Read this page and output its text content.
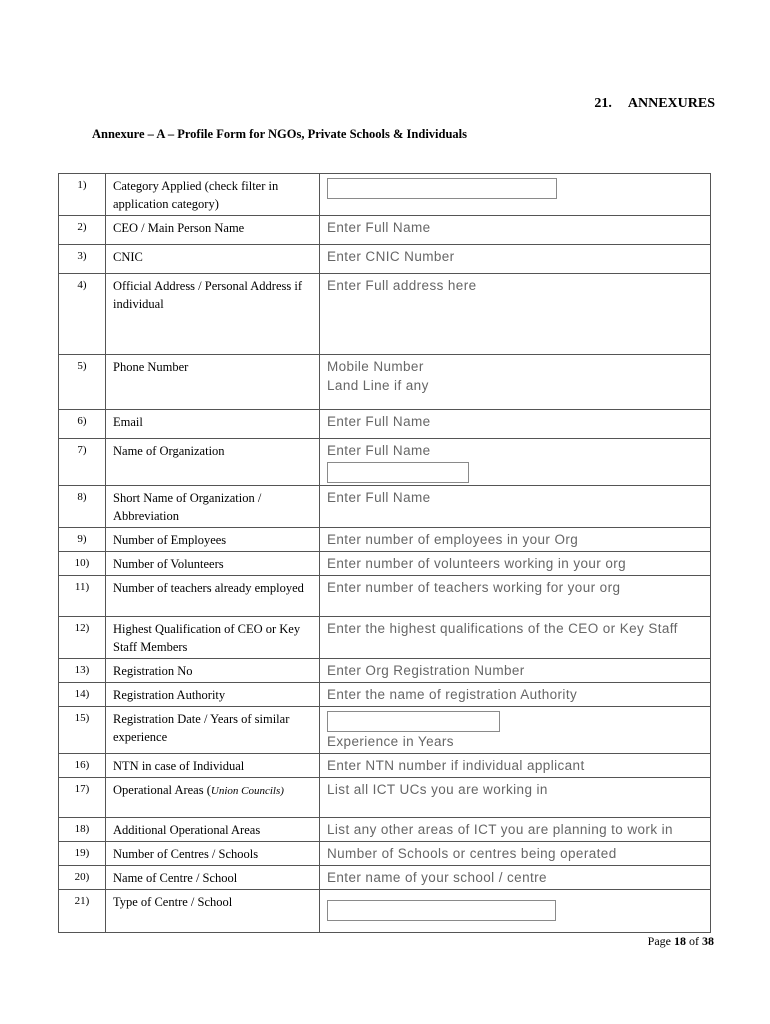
21. ANNEXURES
Annexure – A – Profile Form for NGOs, Private Schools & Individuals
1)	Category Applied (check filter in application category)	

2)	CEO / Main Person Name	Enter Full Name
3)	CNIC	Enter CNIC Number
4)	Official Address / Personal Address if individual	Enter Full address here
5)	Phone Number	Mobile Number
Land Line if any

6)	Email	Enter Full Name
7)	Name of Organization	Enter Full Name

8)	Short Name of Organization / Abbreviation	Enter Full Name
9)	Number of Employees	Enter number of employees in your Org
10)	Number of Volunteers	Enter number of volunteers working in your org
11)	Number of teachers already employed	Enter number of teachers working for your org
12)	Highest Qualification of CEO or Key Staff Members	Enter the highest qualifications of the CEO or Key Staff
13)	Registration No	Enter Org Registration Number
14)	Registration Authority	Enter the name of registration Authority
15)	Registration Date / Years of similar experience	Experience in Years

16)	NTN in case of Individual	Enter NTN number if individual applicant
17)	Operational Areas (Union Councils)	List all ICT UCs you are working in
18)	Additional Operational Areas	List any other areas of ICT you are planning to work in
19)	Number of Centres / Schools	Number of Schools or centres being operated
20)	Name of Centre / School	Enter name of your school / centre
21)	Type of Centre / School	
Page 18 of 38
